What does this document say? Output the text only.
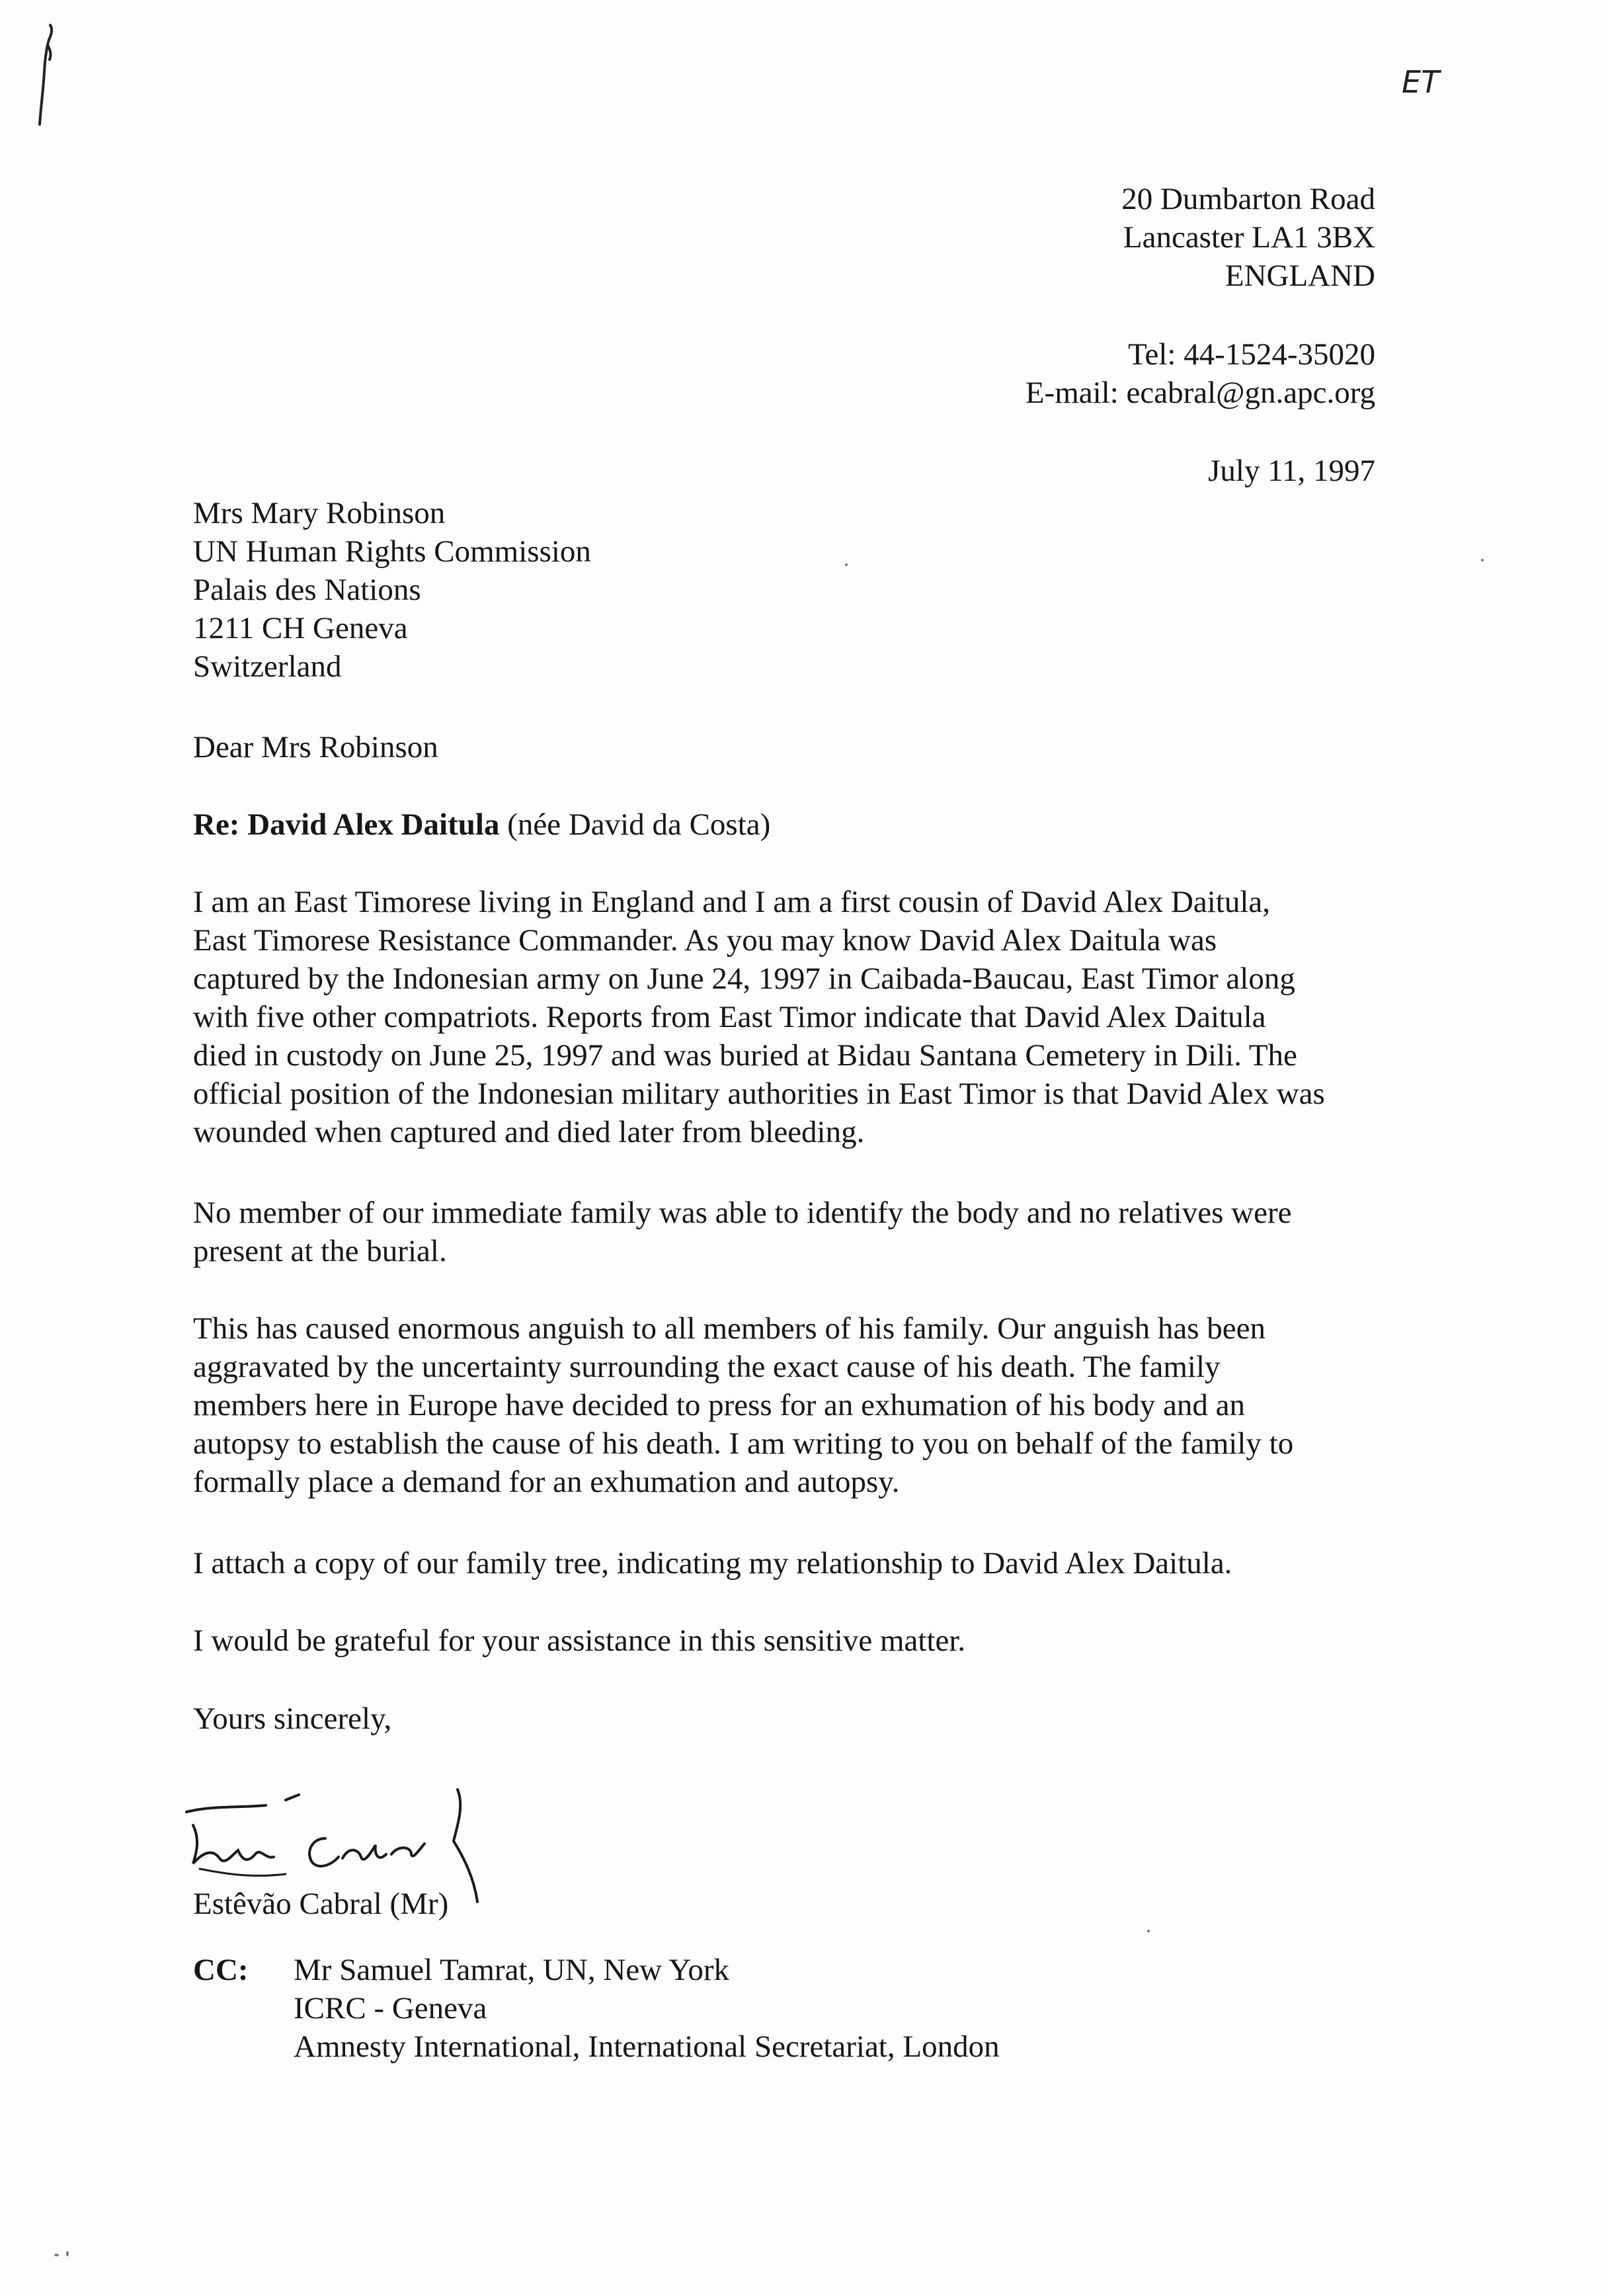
ET
20 Dumbarton Road
Lancaster LA1 3BX
ENGLAND
Tel: 44-1524-35020
E-mail: ecabral@gn.apc.org
July 11, 1997
Mrs Mary Robinson
UN Human Rights Commission
Palais des Nations
1211 CH Geneva
Switzerland
Dear Mrs Robinson
Re: David Alex Daitula (née David da Costa)
I am an East Timorese living in England and I am a first cousin of David Alex Daitula,
East Timorese Resistance Commander. As you may know David Alex Daitula was
captured by the Indonesian army on June 24, 1997 in Caibada-Baucau, East Timor along
with five other compatriots. Reports from East Timor indicate that David Alex Daitula
died in custody on June 25, 1997 and was buried at Bidau Santana Cemetery in Dili. The
official position of the Indonesian military authorities in East Timor is that David Alex was
wounded when captured and died later from bleeding.
No member of our immediate family was able to identify the body and no relatives were
present at the burial.
This has caused enormous anguish to all members of his family. Our anguish has been
aggravated by the uncertainty surrounding the exact cause of his death. The family
members here in Europe have decided to press for an exhumation of his body and an
autopsy to establish the cause of his death. I am writing to you on behalf of the family to
formally place a demand for an exhumation and autopsy.
I attach a copy of our family tree, indicating my relationship to David Alex Daitula.
I would be grateful for your assistance in this sensitive matter.
Yours sincerely,
Estêvão Cabral (Mr)
CC: Mr Samuel Tamrat, UN, New York
ICRC - Geneva
Amnesty International, International Secretariat, London
